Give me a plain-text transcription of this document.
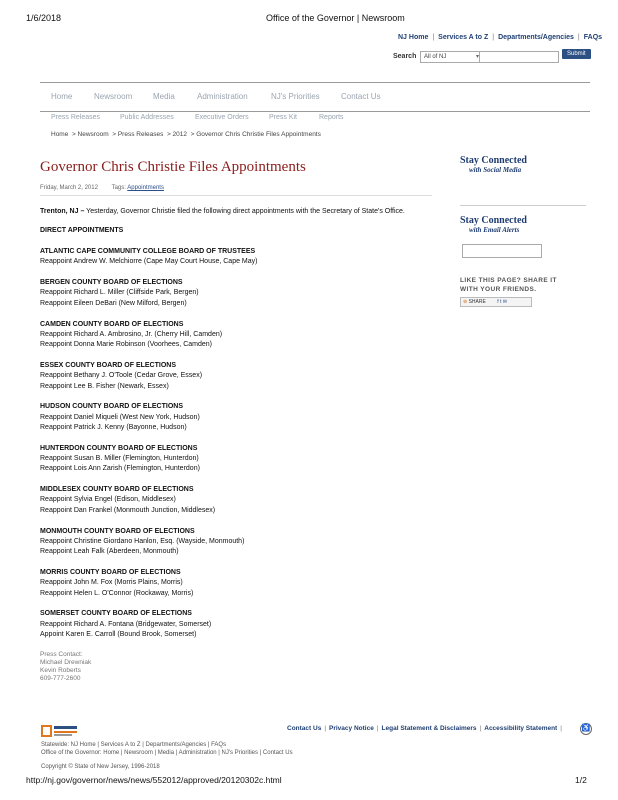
1/6/2018	Office of the Governor | Newsroom
NJ Home | Services A to Z | Departments/Agencies | FAQs
Search	All of NJ	▾	Submit
Home	Newsroom	Media	Administration	NJ's Priorities	Contact Us
Press Releases	Public Addresses	Executive Orders	Press Kit	Reports
Home  > Newsroom  > Press Releases  > 2012  > Governor Chris Christie Files Appointments
Governor Chris Christie Files Appointments
Friday, March 2, 2012 Tags: Appointments
Trenton, NJ – Yesterday, Governor Christie filed the following direct appointments with the Secretary of State's Office.
DIRECT APPOINTMENTS
ATLANTIC CAPE COMMUNITY COLLEGE BOARD OF TRUSTEES
Reappoint Andrew W. Melchiorre (Cape May Court House, Cape May)
BERGEN COUNTY BOARD OF ELECTIONS
Reappoint Richard L. Miller (Cliffside Park, Bergen)
Reappoint Eileen DeBari (New Milford, Bergen)
CAMDEN COUNTY BOARD OF ELECTIONS
Reappoint Richard A. Ambrosino, Jr. (Cherry Hill, Camden)
Reappoint Donna Marie Robinson (Voorhees, Camden)
ESSEX COUNTY BOARD OF ELECTIONS
Reappoint Bethany J. O'Toole (Cedar Grove, Essex)
Reappoint Lee B. Fisher (Newark, Essex)
HUDSON COUNTY BOARD OF ELECTIONS
Reappoint Daniel Miqueli (West New York, Hudson)
Reappoint Patrick J. Kenny (Bayonne, Hudson)
HUNTERDON COUNTY BOARD OF ELECTIONS
Reappoint Susan B. Miller (Flemington, Hunterdon)
Reappoint Lois Ann Zarish (Flemington, Hunterdon)
MIDDLESEX COUNTY BOARD OF ELECTIONS
Reappoint Sylvia Engel (Edison, Middlesex)
Reappoint Dan Frankel (Monmouth Junction, Middlesex)
MONMOUTH COUNTY BOARD OF ELECTIONS
Reappoint Christine Giordano Hanlon, Esq. (Wayside, Monmouth)
Reappoint Leah Falk (Aberdeen, Monmouth)
MORRIS COUNTY BOARD OF ELECTIONS
Reappoint John M. Fox (Morris Plains, Morris)
Reappoint Helen L. O'Connor (Rockaway, Morris)
SOMERSET COUNTY BOARD OF ELECTIONS
Reappoint Richard A. Fontana (Bridgewater, Somerset)
Appoint Karen E. Carroll (Bound Brook, Somerset)
Press Contact:
Michael Drewniak
Kevin Roberts
609-777-2600
Stay Connected
with Social Media
Stay Connected
with Email Alerts
LIKE THIS PAGE? SHARE IT WITH YOUR FRIENDS.
⊕ SHARE f t ✉
Contact Us | Privacy Notice | Legal Statement & Disclaimers | Accessibility Statement |	♿
Statewide: NJ Home | Services A to Z | Departments/Agencies | FAQs
Office of the Governor: Home | Newsroom | Media | Administration | NJ's Priorities | Contact Us
Copyright © State of New Jersey, 1996-2018
http://nj.gov/governor/news/news/552012/approved/20120302c.html	1/2
